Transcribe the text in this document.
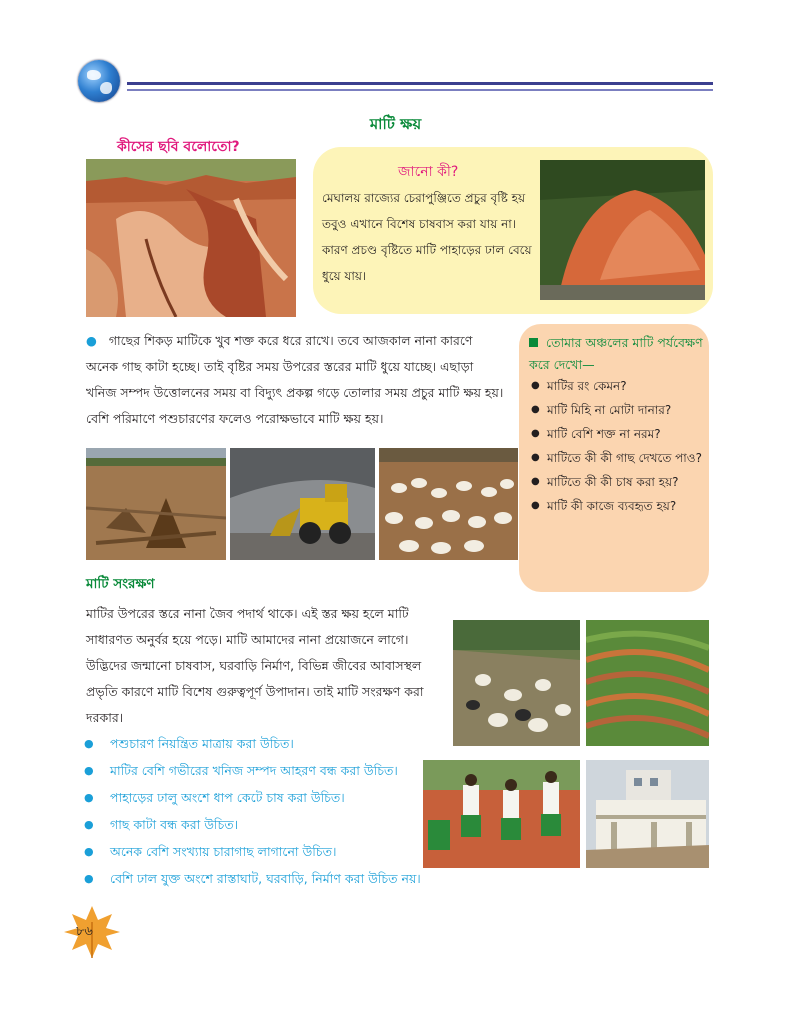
মাটি ক্ষয়
কীসের ছবি বলোতো?
জানো কী?
মেঘালয় রাজ্যের চেরাপুঞ্জিতে প্রচুর বৃষ্টি হয় তবুও এখানে বিশেষ চাষবাস করা যায় না। কারণ প্রচণ্ড বৃষ্টিতে মাটি পাহাড়ের ঢাল বেয়ে ধুয়ে যায়।
●   গাছের শিকড় মাটিকে খুব শক্ত করে ধরে রাখে। তবে আজকাল নানা কারণে অনেক গাছ কাটা হচ্ছে। তাই বৃষ্টির সময় উপরের স্তরের মাটি ধুয়ে যাচ্ছে। এছাড়া খনিজ সম্পদ উত্তোলনের সময় বা বিদ্যুৎ প্রকল্প গড়ে তোলার সময় প্রচুর মাটি ক্ষয় হয়। বেশি পরিমাণে পশুচারণের ফলেও পরোক্ষভাবে মাটি ক্ষয় হয়।
তোমার অঞ্চলের মাটি পর্যবেক্ষণ করে দেখো—
● মাটির রং কেমন?
● মাটি মিহি না মোটা দানার?
● মাটি বেশি শক্ত না নরম?
● মাটিতে কী কী গাছ দেখতে পাও?
● মাটিতে কী কী চাষ করা হয়?
● মাটি কী কাজে ব্যবহৃত হয়?
মাটি সংরক্ষণ
মাটির উপরের স্তরে নানা জৈব পদার্থ থাকে। এই স্তর ক্ষয় হলে মাটি সাধারণত অনুর্বর হয়ে পড়ে। মাটি আমাদের নানা প্রয়োজনে লাগে। উদ্ভিদের জন্মানো চাষবাস, ঘরবাড়ি নির্মাণ, বিভিন্ন জীবের আবাসস্থল প্রভৃতি কারণে মাটি বিশেষ গুরুত্বপূর্ণ উপাদান। তাই মাটি সংরক্ষণ করা দরকার।
● পশুচারণ নিয়ন্ত্রিত মাত্রায় করা উচিত।
● মাটির বেশি গভীরের খনিজ সম্পদ আহরণ বন্ধ করা উচিত।
● পাহাড়ের ঢালু অংশে ধাপ কেটে চাষ করা উচিত।
● গাছ কাটা বন্ধ করা উচিত।
● অনেক বেশি সংখ্যায় চারাগাছ লাগানো উচিত।
● বেশি ঢাল যুক্ত অংশে রাস্তাঘাট, ঘরবাড়ি, নির্মাণ করা উচিত নয়।
৮৬
